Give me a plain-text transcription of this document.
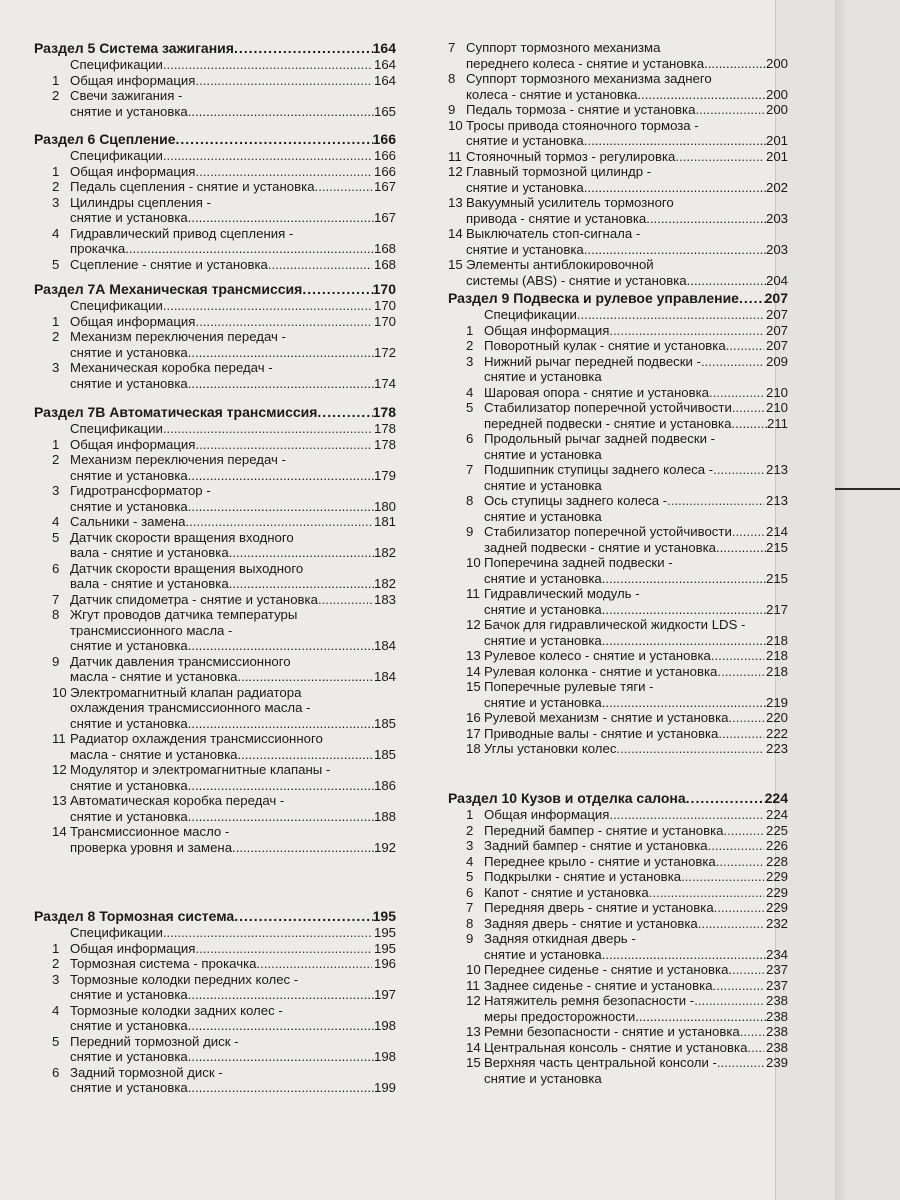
Раздел 5 Система зажигания .....	164
Спецификации .....	164
1 Общая информация .....	164
2 Свечи зажигания -
снятие и установка .....	165
Раздел 6 Сцепление .....	166
Спецификации .....	166
1 Общая информация .....	166
2 Педаль сцепления - снятие и установка .....	167
3 Цилиндры сцепления -
снятие и установка .....	167
4 Гидравлический привод сцепления -
прокачка .....	168
5 Сцепление - снятие и установка .....	168
Раздел 7А Механическая трансмиссия .....	170
Спецификации .....	170
1 Общая информация .....	170
2 Механизм переключения передач -
снятие и установка .....	172
3 Механическая коробка передач -
снятие и установка .....	174
Раздел 7В Автоматическая трансмиссия .....	178
Спецификации .....	178
1 Общая информация .....	178
2 Механизм переключения передач -
снятие и установка .....	179
3 Гидротрансформатор -
снятие и установка .....	180
4 Сальники - замена .....	181
5 Датчик скорости вращения входного
вала - снятие и установка .....	182
6 Датчик скорости вращения выходного
вала - снятие и установка .....	182
7 Датчик спидометра - снятие и установка .....	183
8 Жгут проводов датчика температуры
трансмиссионного масла -
снятие и установка .....	184
9 Датчик давления трансмиссионного
масла - снятие и установка .....	184
10 Электромагнитный клапан радиатора
охлаждения трансмиссионного масла -
снятие и установка .....	185
11 Радиатор охлаждения трансмиссионного
масла - снятие и установка .....	185
12 Модулятор и электромагнитные клапаны -
снятие и установка .....	186
13 Автоматическая коробка передач -
снятие и установка .....	188
14 Трансмиссионное масло -
проверка уровня и замена .....	192
Раздел 8 Тормозная система .....	195
Спецификации .....	195
1 Общая информация .....	195
2 Тормозная система - прокачка .....	196
3 Тормозные колодки передних колес -
снятие и установка .....	197
4 Тормозные колодки задних колес -
снятие и установка .....	198
5 Передний тормозной диск -
снятие и установка .....	198
6 Задний тормозной диск -
снятие и установка .....	199
7 Суппорт тормозного механизма
переднего колеса - снятие и установка .....	200
8 Суппорт тормозного механизма заднего
колеса - снятие и установка .....	200
9 Педаль тормоза - снятие и установка .....	200
10 Тросы привода стояночного тормоза -
снятие и установка .....	201
11 Стояночный тормоз - регулировка .....	201
12 Главный тормозной цилиндр -
снятие и установка .....	202
13 Вакуумный усилитель тормозного
привода - снятие и установка .....	203
14 Выключатель стоп-сигнала -
снятие и установка .....	203
15 Элементы антиблокировочной
системы (ABS) - снятие и установка .....	204
Раздел 9 Подвеска и рулевое управление ..... 207
Спецификации .....	207
1 Общая информация .....	207
2 Поворотный кулак - снятие и установка .....	207
3 Нижний рычаг передней подвески - .....	209
снятие и установка
4 Шаровая опора - снятие и установка .....	210
5 Стабилизатор поперечной устойчивости .....	210
передней подвески - снятие и установка .....	211
6 Продольный рычаг задней подвески -
снятие и установка
7 Подшипник ступицы заднего колеса - .....	213
снятие и установка
8 Ось ступицы заднего колеса - .....	213
снятие и установка
9 Стабилизатор поперечной устойчивости .....	214
задней подвески - снятие и установка .....	215
10 Поперечина задней подвески -
снятие и установка .....	215
11 Гидравлический модуль -
снятие и установка .....	217
12 Бачок для гидравлической жидкости LDS -
снятие и установка .....	218
13 Рулевое колесо - снятие и установка .....	218
14 Рулевая колонка - снятие и установка .....	218
15 Поперечные рулевые тяги -
снятие и установка .....	219
16 Рулевой механизм - снятие и установка .....	220
17 Приводные валы - снятие и установка .....	222
18 Углы установки колес .....	223
Раздел 10 Кузов и отделка салона .....	224
1 Общая информация .....	224
2 Передний бампер - снятие и установка .....	225
3 Задний бампер - снятие и установка .....	226
4 Переднее крыло - снятие и установка .....	228
5 Подкрылки - снятие и установка .....	229
6 Капот - снятие и установка .....	229
7 Передняя дверь - снятие и установка .....	229
8 Задняя дверь - снятие и установка .....	232
9 Задняя откидная дверь -
снятие и установка .....	234
10 Переднее сиденье - снятие и установка .....	237
11 Заднее сиденье - снятие и установка .....	237
12 Натяжитель ремня безопасности - .....	238
меры предосторожности .....	238
13 Ремни безопасности - снятие и установка ..... 238
14 Центральная консоль - снятие и установка ..... 238
15 Верхняя часть центральной консоли - .....	239
снятие и установка
